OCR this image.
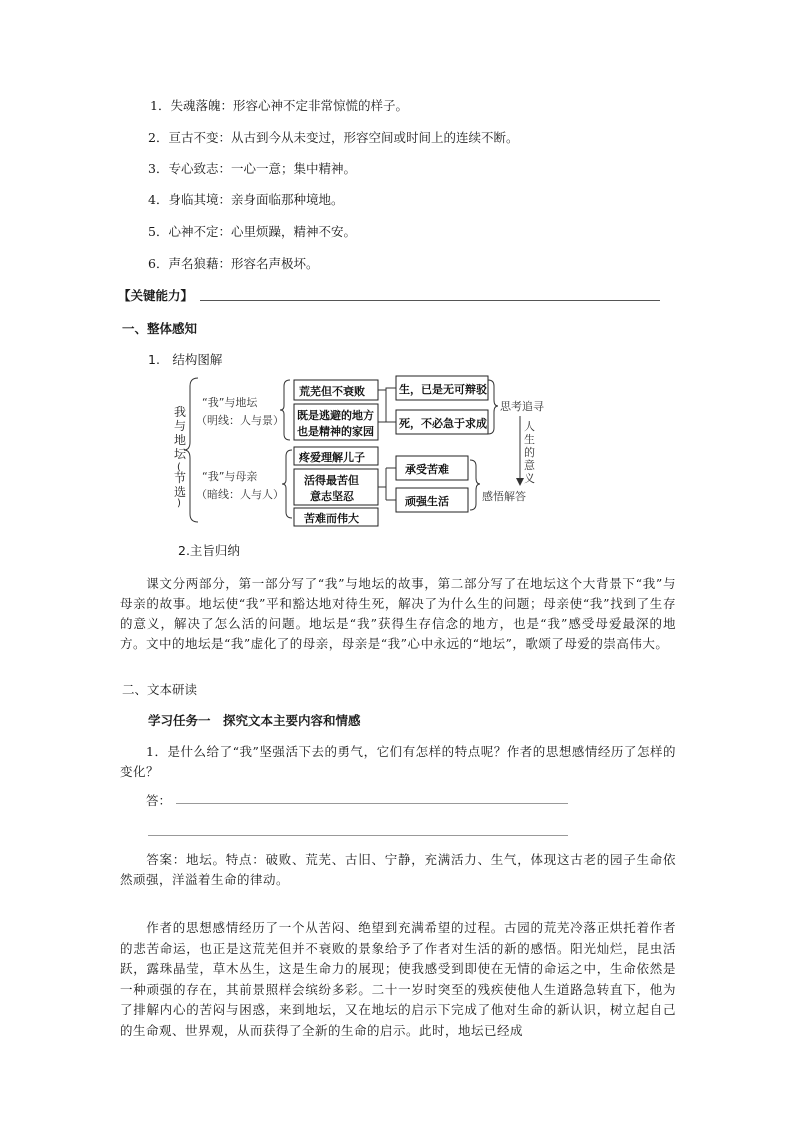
1．失魂落魄：形容心神不定非常惊慌的样子。
2．亘古不变：从古到今从未变过，形容空间或时间上的连续不断。
3．专心致志：一心一意；集中精神。
4．身临其境：亲身面临那种境地。
5．心神不定：心里烦躁，精神不安。
6．声名狼藉：形容名声极坏。
【关键能力】
一、整体感知
1.　结构图解
我
与
地
坛
(
节
选
)
“我”与地坛
（明线：人与景）
“我”与母亲
（暗线：人与人）
荒芜但不衰败
既是逃避的地方
也是精神的家园
生，已是无可辩驳
死，不必急于求成
疼爱理解儿子
活得最苦但
意志坚忍
苦难而伟大
承受苦难
顽强生活
思考追寻
感悟解答
人
生
的
意
义
2.主旨归纳
课文分两部分，第一部分写了“我”与地坛的故事，第二部分写了在地坛这个大背景下“我”与母亲的故事。地坛使“我”平和豁达地对待生死，解决了为什么生的问题；母亲使“我”找到了生存的意义，解决了怎么活的问题。地坛是“我”获得生存信念的地方，也是“我”感受母爱最深的地方。文中的地坛是“我”虚化了的母亲，母亲是“我”心中永远的“地坛”，歌颂了母爱的崇高伟大。
二、文本研读
学习任务一　探究文本主要内容和情感
1．是什么给了“我”坚强活下去的勇气，它们有怎样的特点呢？作者的思想感情经历了怎样的变化？
答：
答案：地坛。特点：破败、荒芜、古旧、宁静，充满活力、生气，体现这古老的园子生命依然顽强，洋溢着生命的律动。
作者的思想感情经历了一个从苦闷、绝望到充满希望的过程。古园的荒芜冷落正烘托着作者的悲苦命运，也正是这荒芜但并不衰败的景象给予了作者对生活的新的感悟。阳光灿烂，昆虫活跃，露珠晶莹，草木丛生，这是生命力的展现；使我感受到即使在无情的命运之中，生命依然是一种顽强的存在，其前景照样会缤纷多彩。二十一岁时突至的残疾使他人生道路急转直下，他为了排解内心的苦闷与困惑，来到地坛，又在地坛的启示下完成了他对生命的新认识，树立起自己的生命观、世界观，从而获得了全新的生命的启示。此时，地坛已经成
